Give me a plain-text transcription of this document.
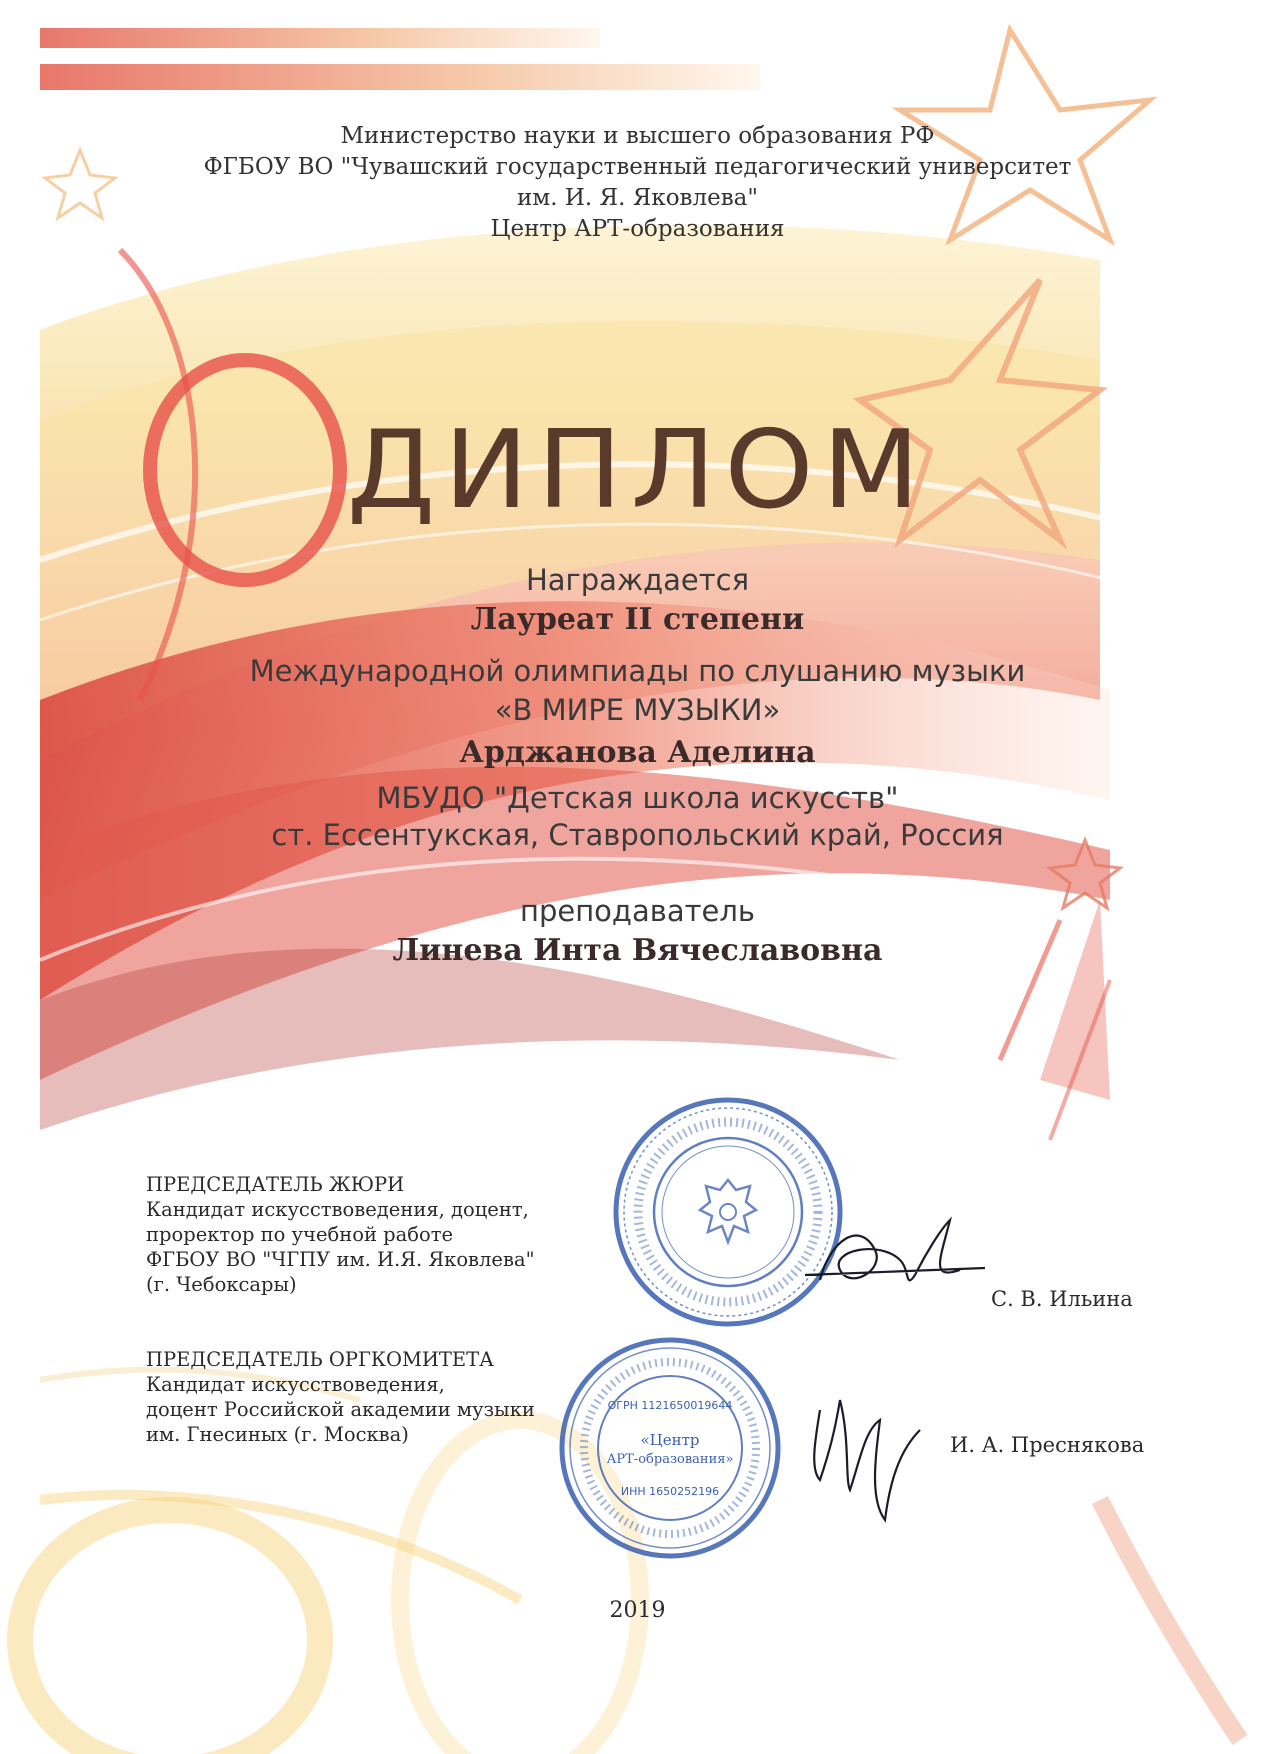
Министерство науки и высшего образования РФ
ФГБОУ ВО "Чувашский государственный педагогический университет
им. И. Я. Яковлева"
Центр АРТ-образования
ДИПЛОМ
Награждается
Лауреат II степени
Международной олимпиады по слушанию музыки
«В МИРЕ МУЗЫКИ»
Арджанова Аделина
МБУДО "Детская школа искусств"
ст. Ессентукская, Ставропольский край, Россия
преподаватель
Линева Инта Вячеславовна
ПРЕДСЕДАТЕЛЬ ЖЮРИ
Кандидат искусствоведения, доцент,
проректор по учебной работе
ФГБОУ ВО "ЧГПУ им. И.Я. Яковлева"
(г. Чебоксары)
С. В. Ильина
ПРЕДСЕДАТЕЛЬ ОРГКОМИТЕТА
Кандидат искусствоведения,
доцент Российской академии музыки
им. Гнесиных (г. Москва)	И. А. Преснякова
ОГРН 1121650019644
«Центр
АРТ-образования»
ИНН 1650252196
2019
